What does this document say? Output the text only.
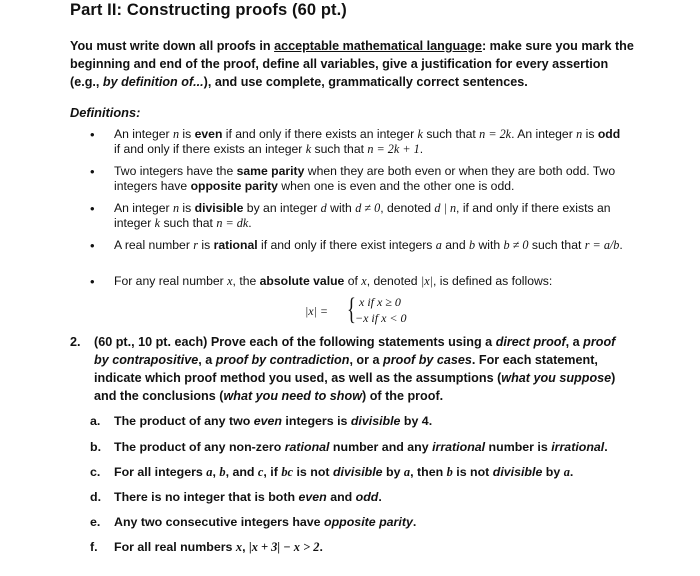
Part II: Constructing proofs (60 pt.)
You must write down all proofs in acceptable mathematical language: make sure you mark the beginning and end of the proof, define all variables, give a justification for every assertion (e.g., by definition of...), and use complete, grammatically correct sentences.
Definitions:
• An integer n is even if and only if there exists an integer k such that n = 2k. An integer n is odd if and only if there exists an integer k such that n = 2k + 1.
• Two integers have the same parity when they are both even or when they are both odd. Two integers have opposite parity when one is even and the other one is odd.
• An integer n is divisible by an integer d with d ≠ 0, denoted d | n, if and only if there exists an integer k such that n = dk.
• A real number r is rational if and only if there exist integers a and b with b ≠ 0 such that r = a/b.
• For any real number x, the absolute value of x, denoted |x|, is defined as follows:
|x| = { x if x ≥ 0
−x if x < 0
2. (60 pt., 10 pt. each) Prove each of the following statements using a direct proof, a proof by contrapositive, a proof by contradiction, or a proof by cases. For each statement, indicate which proof method you used, as well as the assumptions (what you suppose) and the conclusions (what you need to show) of the proof.
a.	The product of any two even integers is divisible by 4.
b.	The product of any non-zero rational number and any irrational number is irrational.
c.	For all integers a, b, and c, if bc is not divisible by a, then b is not divisible by a.
d.	There is no integer that is both even and odd.
e.	Any two consecutive integers have opposite parity.
f.	For all real numbers x, |x + 3| − x > 2.
